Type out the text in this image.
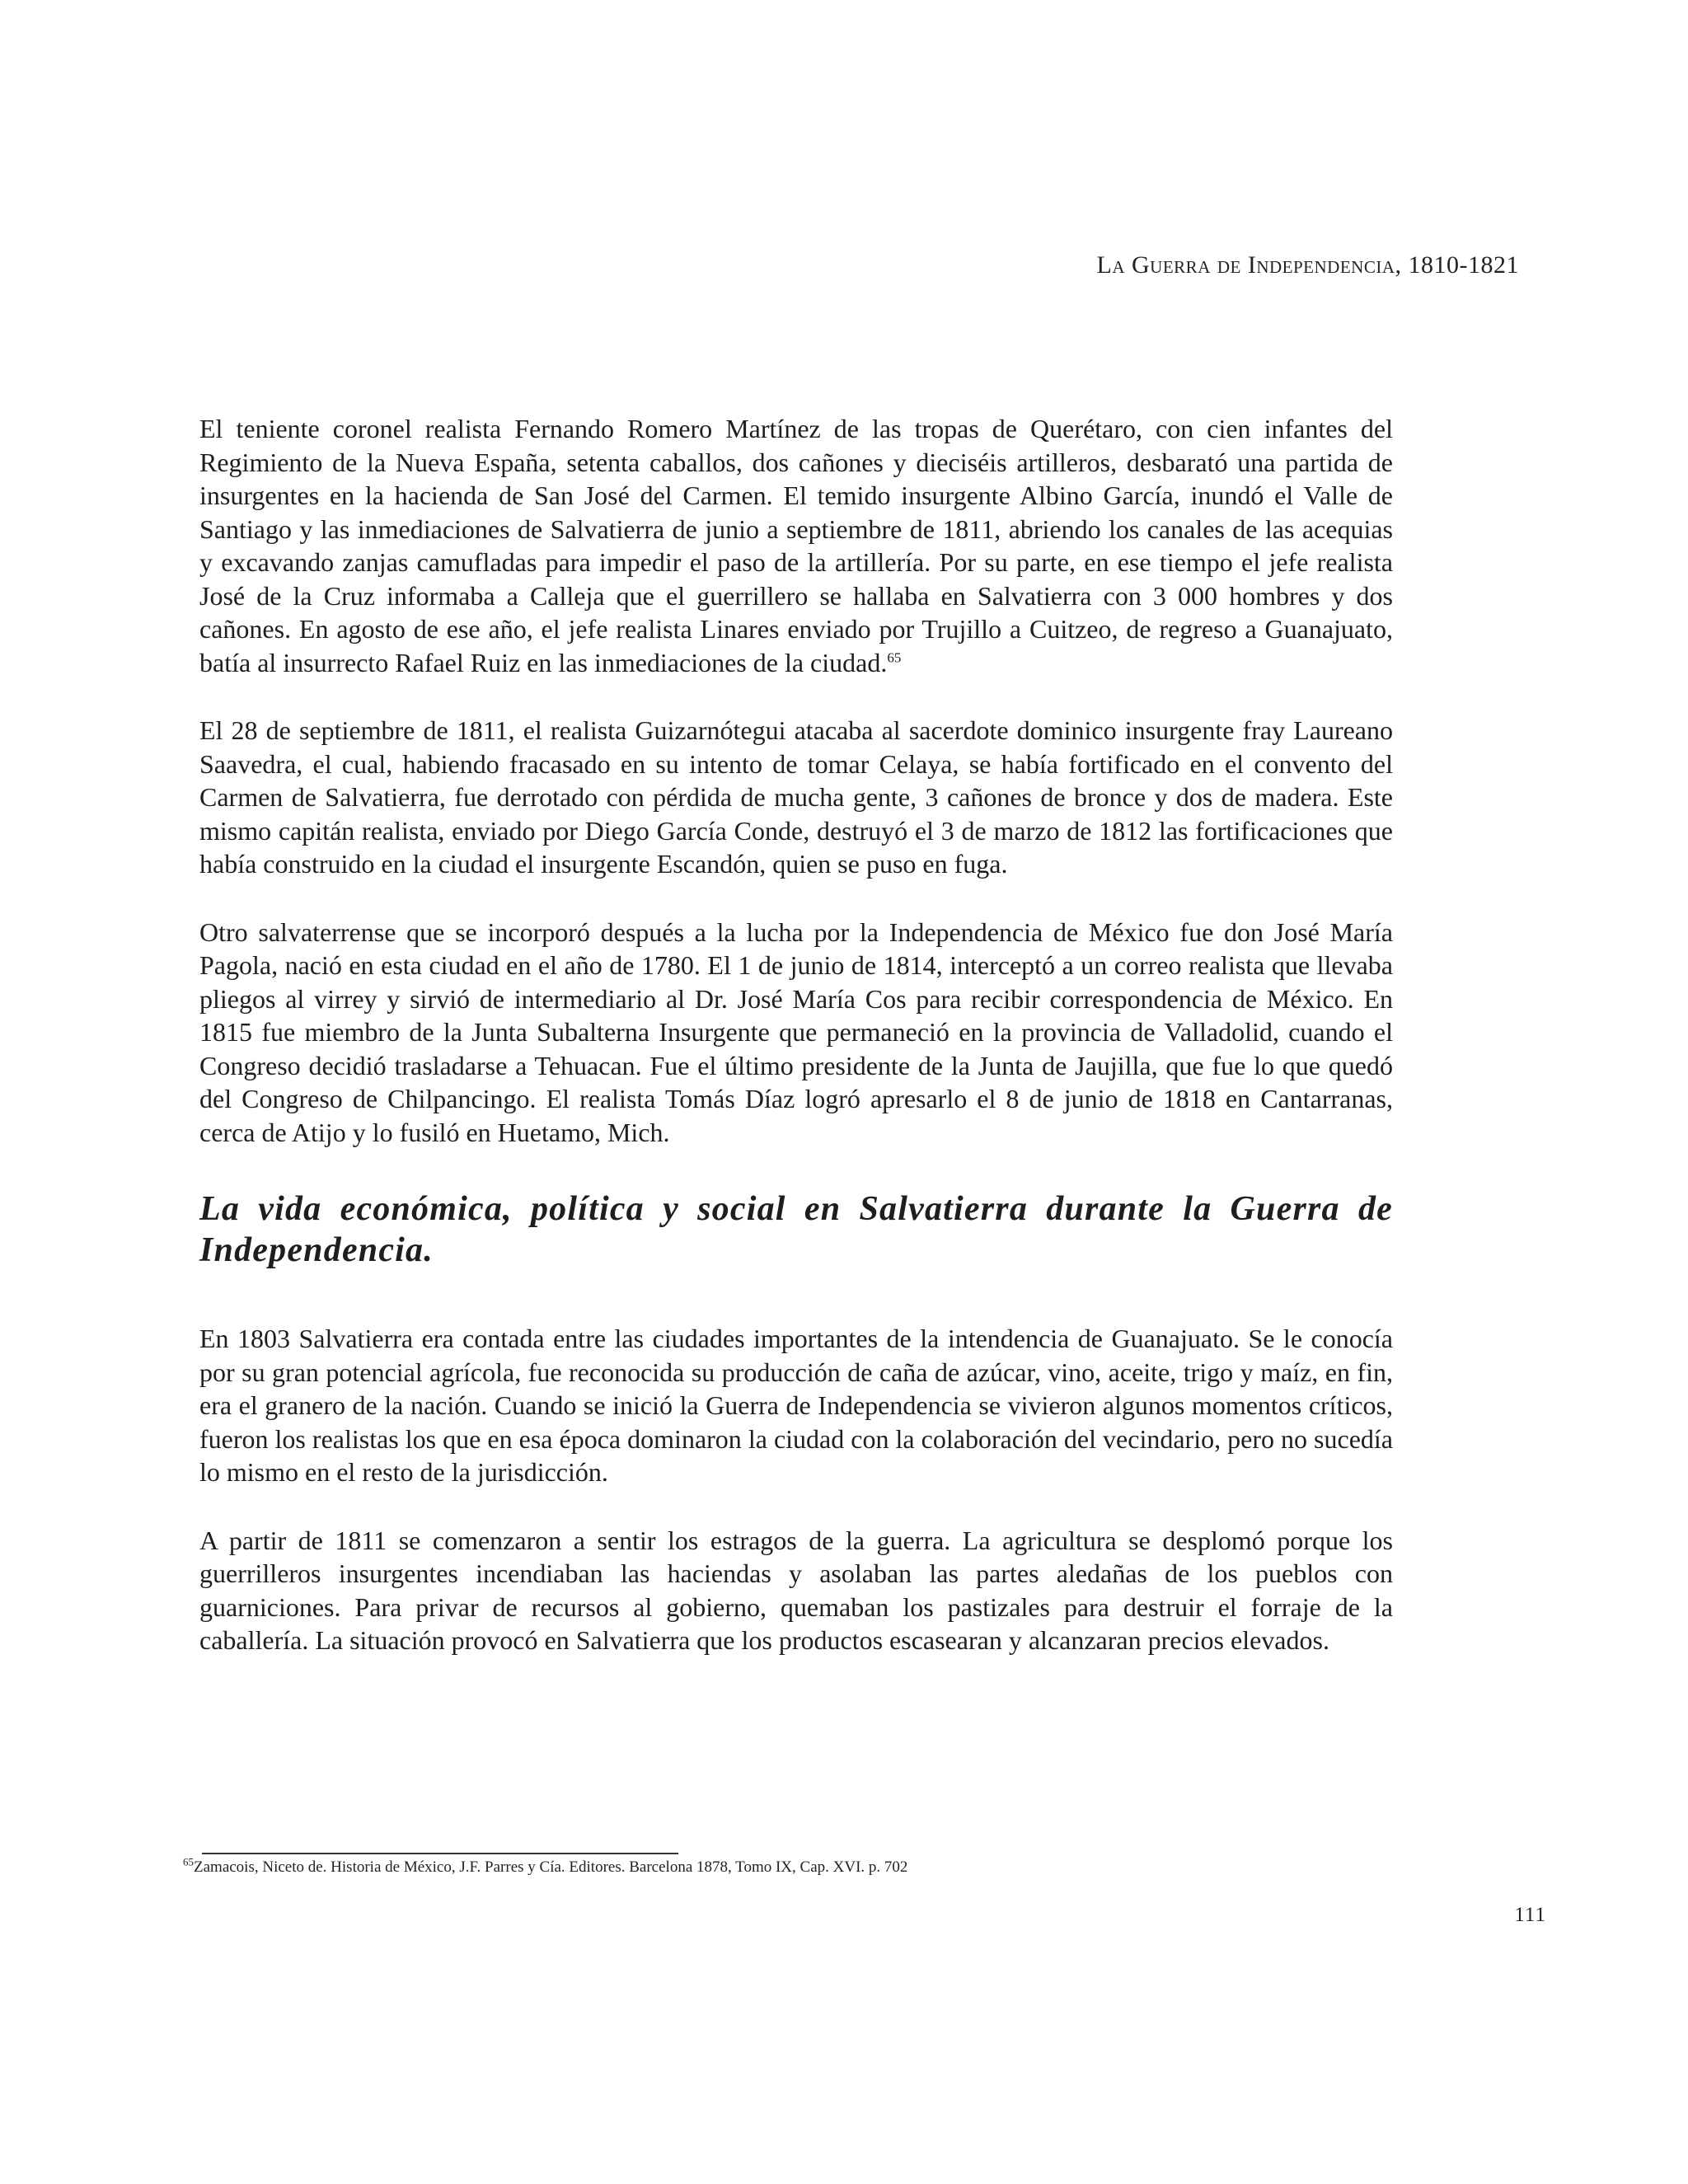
La Guerra de Independencia, 1810-1821

El teniente coronel realista Fernando Romero Martínez de las tropas de Querétaro, con cien infantes del Regimiento de la Nueva España, setenta caballos, dos cañones y dieciséis artilleros, desbarató una partida de insurgentes en la hacienda de San José del Carmen. El temido insurgente Albino García, inundó el Valle de Santiago y las inmediaciones de Salvatierra de junio a septiembre de 1811, abriendo los canales de las acequias y excavando zanjas camufladas para impedir el paso de la artillería. Por su parte, en ese tiempo el jefe realista José de la Cruz informaba a Calleja que el guerrillero se hallaba en Salvatierra con 3 000 hombres y dos cañones. En agosto de ese año, el jefe realista Linares enviado por Trujillo a Cuitzeo, de regreso a Guanajuato, batía al insurrecto Rafael Ruiz en las inmediaciones de la ciudad.$^{65}$

El 28 de septiembre de 1811, el realista Guizarnótegui atacaba al sacerdote dominico insurgente fray Laureano Saavedra, el cual, habiendo fracasado en su intento de tomar Celaya, se había fortificado en el convento del Carmen de Salvatierra, fue derrotado con pérdida de mucha gente, 3 cañones de bronce y dos de madera. Este mismo capitán realista, enviado por Diego García Conde, destruyó el 3 de marzo de 1812 las fortificaciones que había construido en la ciudad el insurgente Escandón, quien se puso en fuga.

Otro salvaterrense que se incorporó después a la lucha por la Independencia de México fue don José María Pagola, nació en esta ciudad en el año de 1780. El 1 de junio de 1814, interceptó a un correo realista que llevaba pliegos al virrey y sirvió de intermediario al Dr. José María Cos para recibir correspondencia de México. En 1815 fue miembro de la Junta Subalterna Insurgente que permaneció en la provincia de Valladolid, cuando el Congreso decidió trasladarse a Tehuacan. Fue el último presidente de la Junta de Jaujilla, que fue lo que quedó del Congreso de Chilpancingo. El realista Tomás Díaz logró apresarlo el 8 de junio de 1818 en Cantarranas, cerca de Atijo y lo fusiló en Huetamo, Mich.

La vida económica, política y social en Salvatierra durante la Guerra de Independencia.

En 1803 Salvatierra era contada entre las ciudades importantes de la intendencia de Guanajuato. Se le conocía por su gran potencial agrícola, fue reconocida su producción de caña de azúcar, vino, aceite, trigo y maíz, en fin, era el granero de la nación. Cuando se inició la Guerra de Independencia se vivieron algunos momentos críticos, fueron los realistas los que en esa época dominaron la ciudad con la colaboración del vecindario, pero no sucedía lo mismo en el resto de la jurisdicción.

A partir de 1811 se comenzaron a sentir los estragos de la guerra. La agricultura se desplomó porque los guerrilleros insurgentes incendiaban las haciendas y asolaban las partes aledañas de los pueblos con guarniciones. Para privar de recursos al gobierno, quemaban los pastizales para destruir el forraje de la caballería. La situación provocó en Salvatierra que los productos escasearan y alcanzaran precios elevados.

$^{65}$Zamacois, Niceto de. Historia de México, J.F. Parres y Cía. Editores. Barcelona 1878, Tomo IX, Cap. XVI. p. 702
111
